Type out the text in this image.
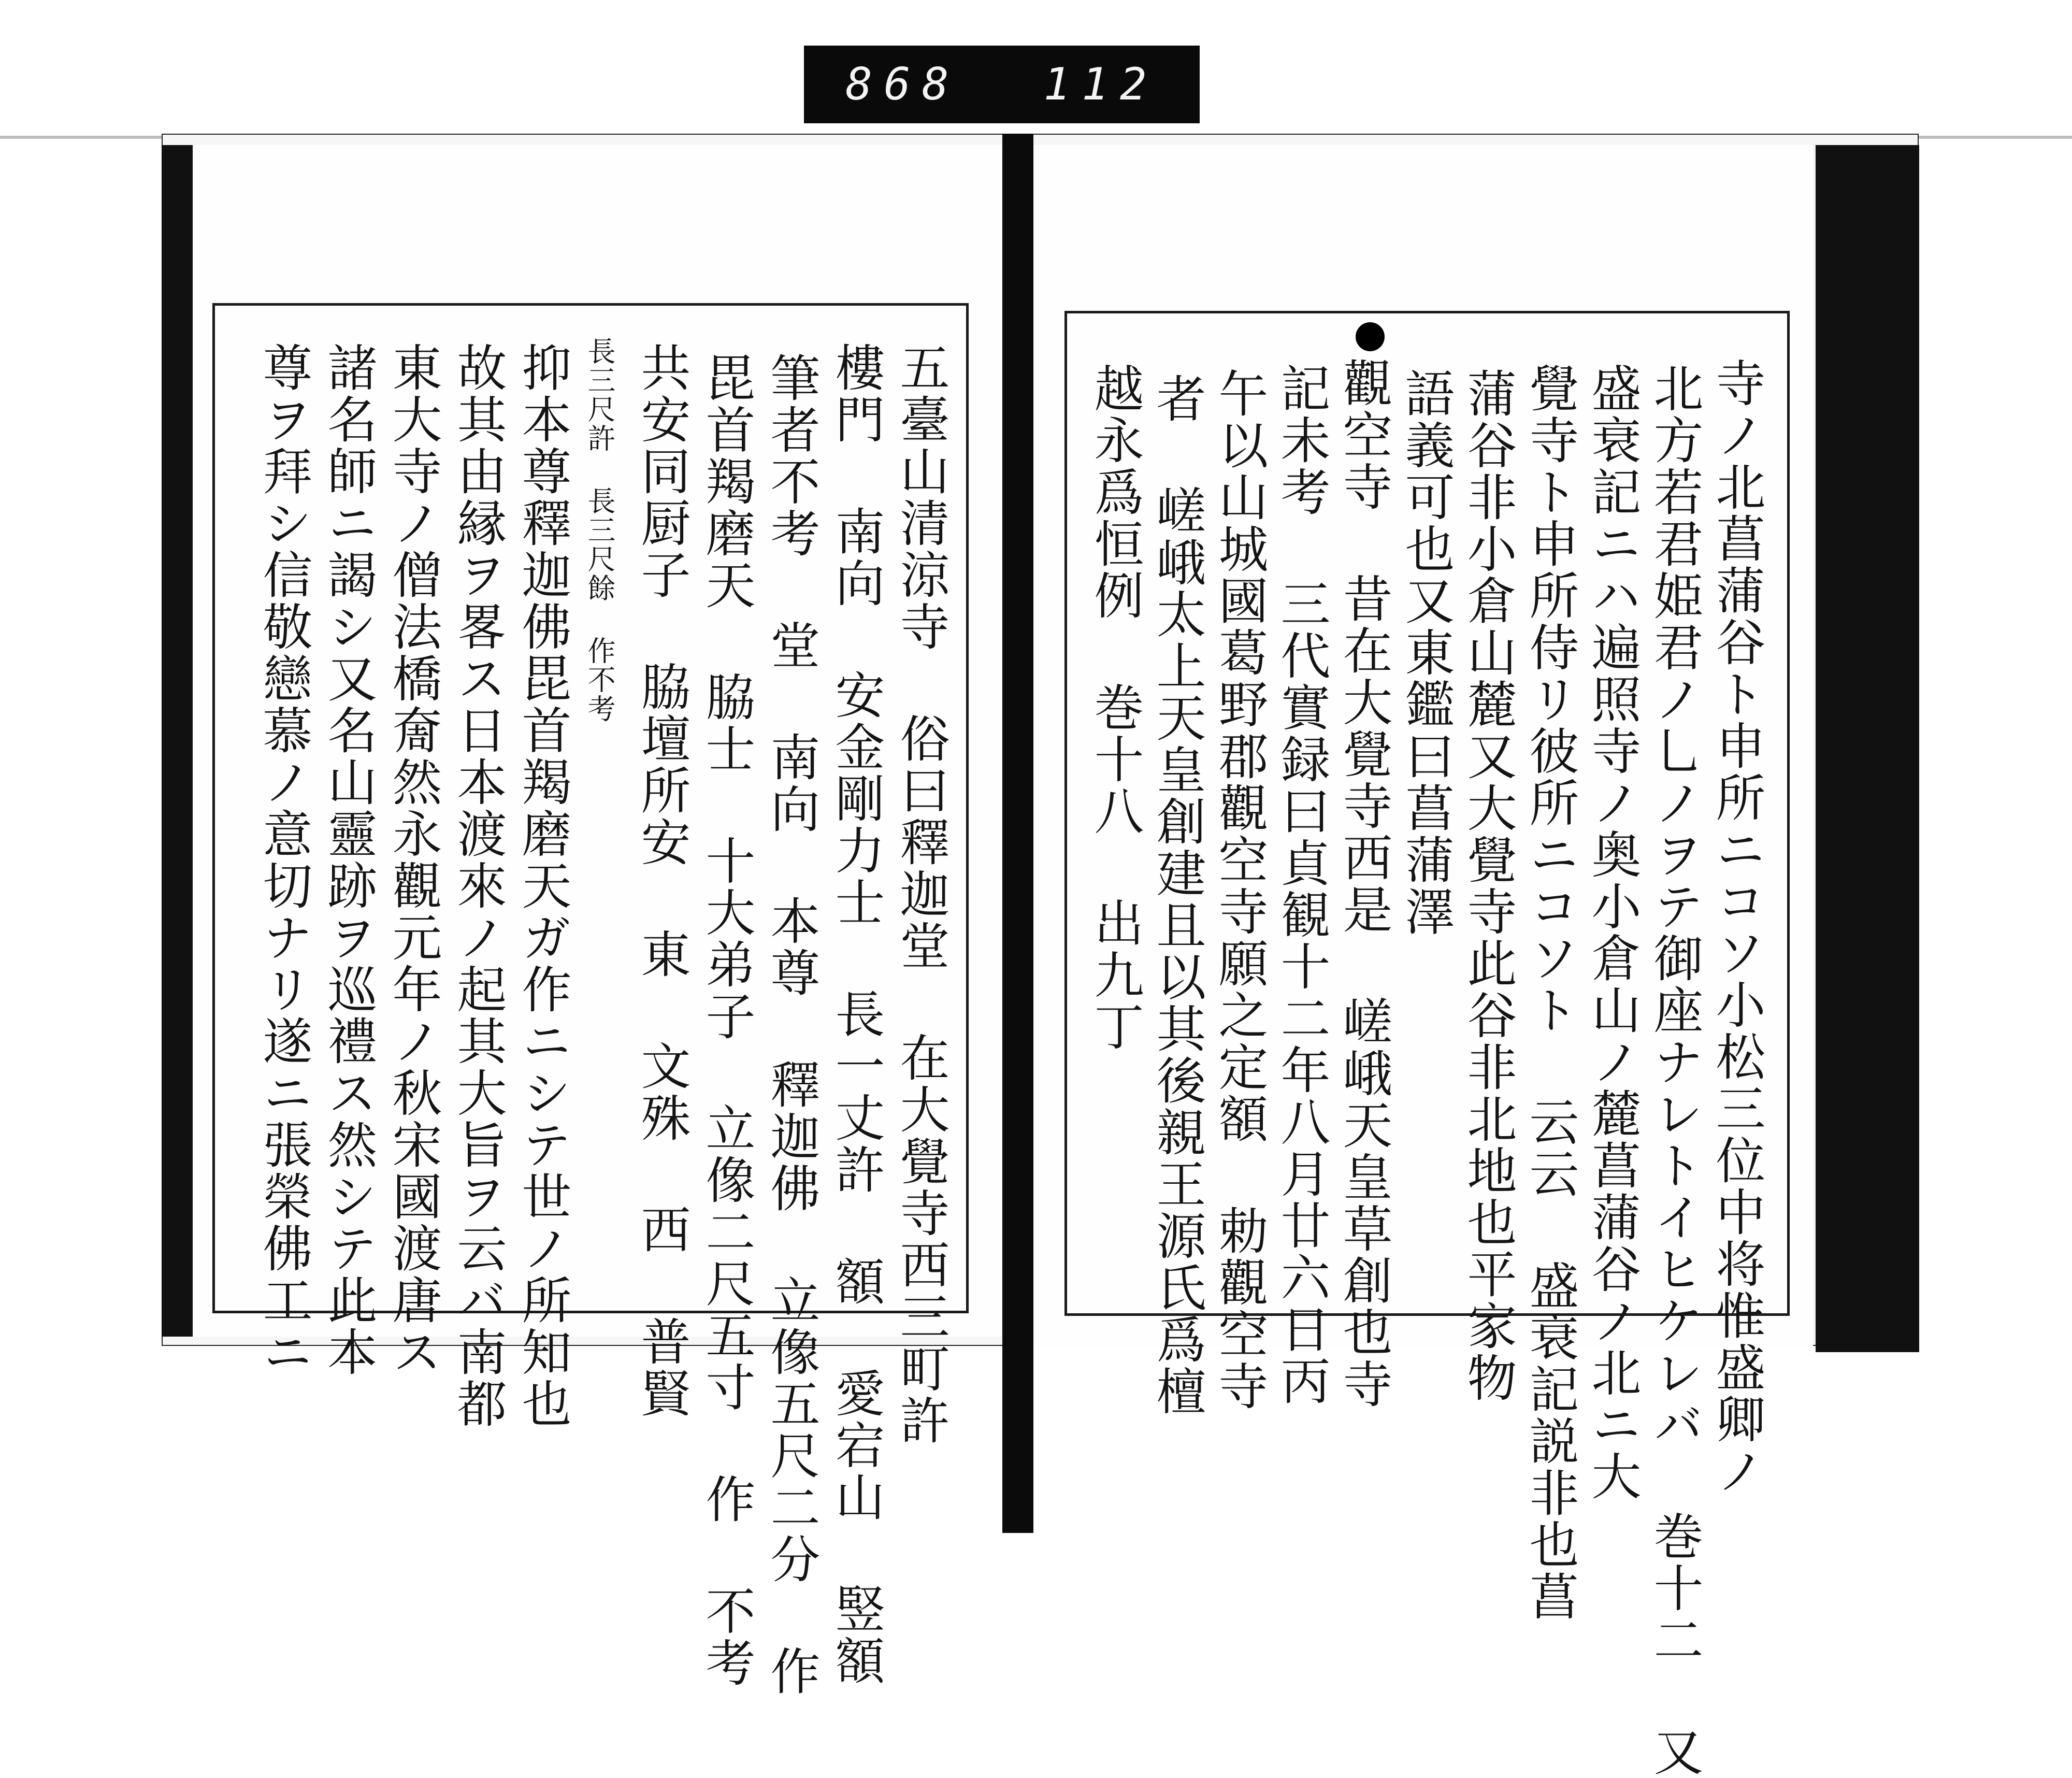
868 112
寺ノ北菖蒲谷ト申所ニコソ小松三位中将惟盛卿ノ
北方若君姫君ノ乚ノヲテ御座ナレトイヒケレバ 巻十二 又
盛衰記ニハ遍照寺ノ奥小倉山ノ麓菖蒲谷ノ北ニ大
覺寺ト申所侍リ彼所ニコソト 云云 盛衰記説非也菖
蒲谷非小倉山麓又大覺寺此谷非北地也平家物
語義可也又東鑑曰菖蒲澤
觀空寺 昔在大覺寺西是 嵯峨天皇草創也寺
記未考 三代實録曰貞観十二年八月廿六日丙
午以山城國葛野郡觀空寺願之定額 勅觀空寺
者 嵯峨太上天皇創建且以其後親王源氏爲檀
越永爲恒例 巻十八 出九丁
五臺山清涼寺 俗曰釋迦堂 在大覺寺西三町許
樓門 南向 安金剛力士 長一丈許 額 愛宕山 竪額
筆者不考 堂 南向 本尊 釋迦佛 立像五尺二分 作
毘首羯磨天 脇士 十大弟子 立像二尺五寸 作 不考
共安同厨子 脇壇所安 東 文殊 西 普賢
長三尺許 長三尺餘 作不考
抑本尊釋迦佛毘首羯磨天ガ作ニシテ世ノ所知也
故其由縁ヲ畧ス日本渡來ノ起其大旨ヲ云バ南都
東大寺ノ僧法橋奝然永觀元年ノ秋宋國渡唐ス
諸名師ニ謁シ又名山靈跡ヲ巡禮ス然シテ此本
尊ヲ拜シ信敬戀慕ノ意切ナリ遂ニ張榮佛工ニ
